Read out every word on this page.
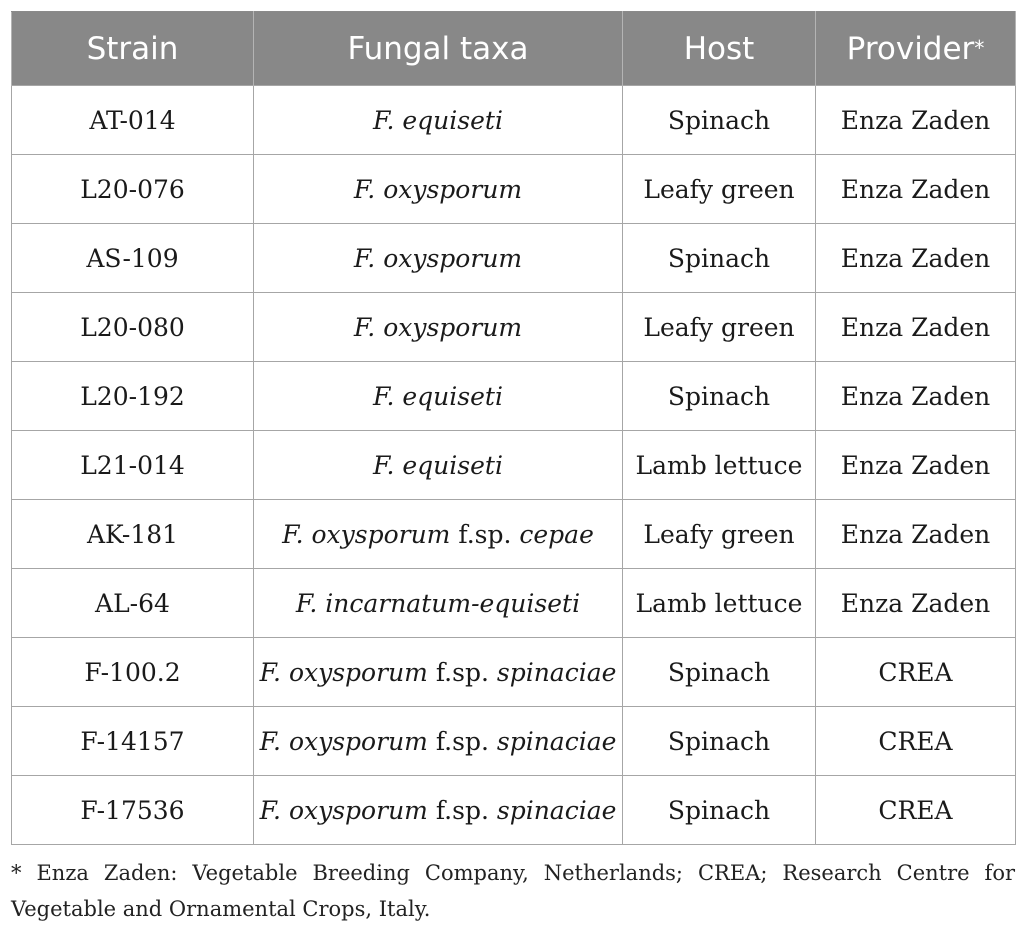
Strain	Fungal taxa	Host	Provider*
AT-014	F. equiseti	Spinach	Enza Zaden
L20-076	F. oxysporum	Leafy green	Enza Zaden
AS-109	F. oxysporum	Spinach	Enza Zaden
L20-080	F. oxysporum	Leafy green	Enza Zaden
L20-192	F. equiseti	Spinach	Enza Zaden
L21-014	F. equiseti	Lamb lettuce	Enza Zaden
AK-181	F. oxysporum f.sp. cepae	Leafy green	Enza Zaden
AL-64	F. incarnatum-equiseti	Lamb lettuce	Enza Zaden
F-100.2	F. oxysporum f.sp. spinaciae	Spinach	CREA
F-14157	F. oxysporum f.sp. spinaciae	Spinach	CREA
F-17536	F. oxysporum f.sp. spinaciae	Spinach	CREA
* Enza Zaden: Vegetable Breeding Company, Netherlands; CREA; Research Centre for Vegetable and Ornamental Crops, Italy.
